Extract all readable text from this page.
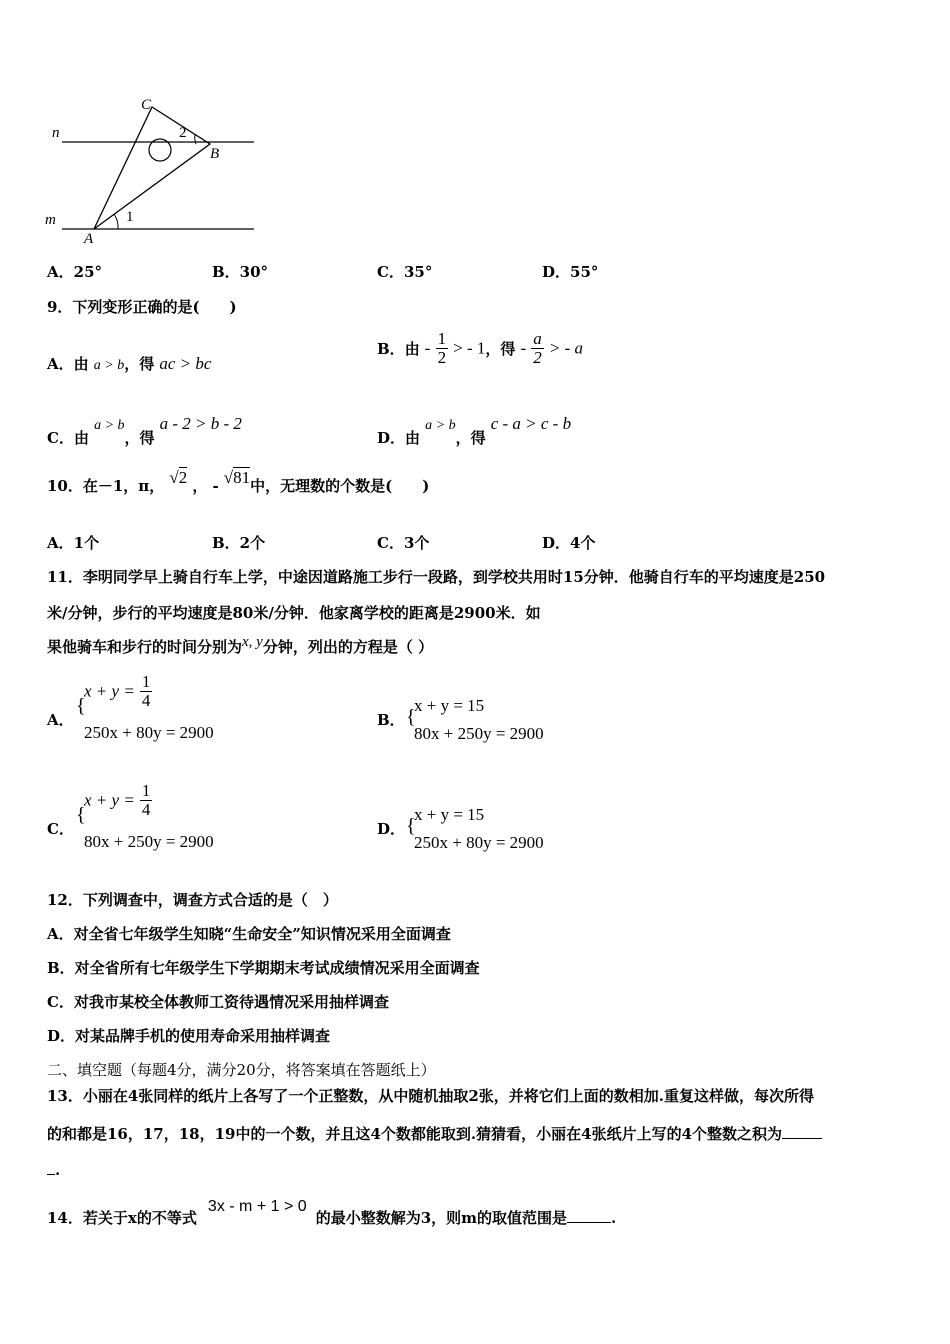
C
B
A
n
m	1
2
A．25°	B．30°	C．35°	D．55°
9．下列变形正确的是(　　)
A．由 a > b，得 ac > bc
B．由 - $\frac{1}{2}$ > - 1，得 - $\frac{a}{2}$ > - a
C．由 a > b，得 a - 2 > b - 2
D．由 a > b，得 c - a > c - b
10．在－1，π， √2 ， - √81中，无理数的个数是(　　)
A．1个	B．2个	C．3个	D．4个
11．李明同学早上骑自行车上学，中途因道路施工步行一段路，到学校共用时15分钟．他骑自行车的平均速度是250
米/分钟，步行的平均速度是80米/分钟．他家离学校的距离是2900米．如
果他骑车和步行的时间分别为x, y分钟，列出的方程是（ ）
A．
{
$x + y = \frac{1}{4}$
250x + 80y = 2900
B． {
x + y = 15
80x + 250y = 2900
C．
{
$x + y = \frac{1}{4}$
80x + 250y = 2900
D． {
x + y = 15
250x + 80y = 2900
12．下列调查中，调查方式合适的是（　）
A．对全省七年级学生知晓“生命安全”知识情况采用全面调查
B．对全省所有七年级学生下学期期末考试成绩情况采用全面调查
C．对我市某校全体教师工资待遇情况采用抽样调查
D．对某品牌手机的使用寿命采用抽样调查
二、填空题（每题4分，满分20分，将答案填在答题纸上）
13．小丽在4张同样的纸片上各写了一个正整数，从中随机抽取2张，并将它们上面的数相加.重复这样做，每次所得
的和都是16，17，18，19中的一个数，并且这4个数都能取到.猜猜看，小丽在4张纸片上写的4个整数之积为
.
14．若关于x的不等式 3x - m + 1 > 0 的最小整数解为3，则m的取值范围是	.
